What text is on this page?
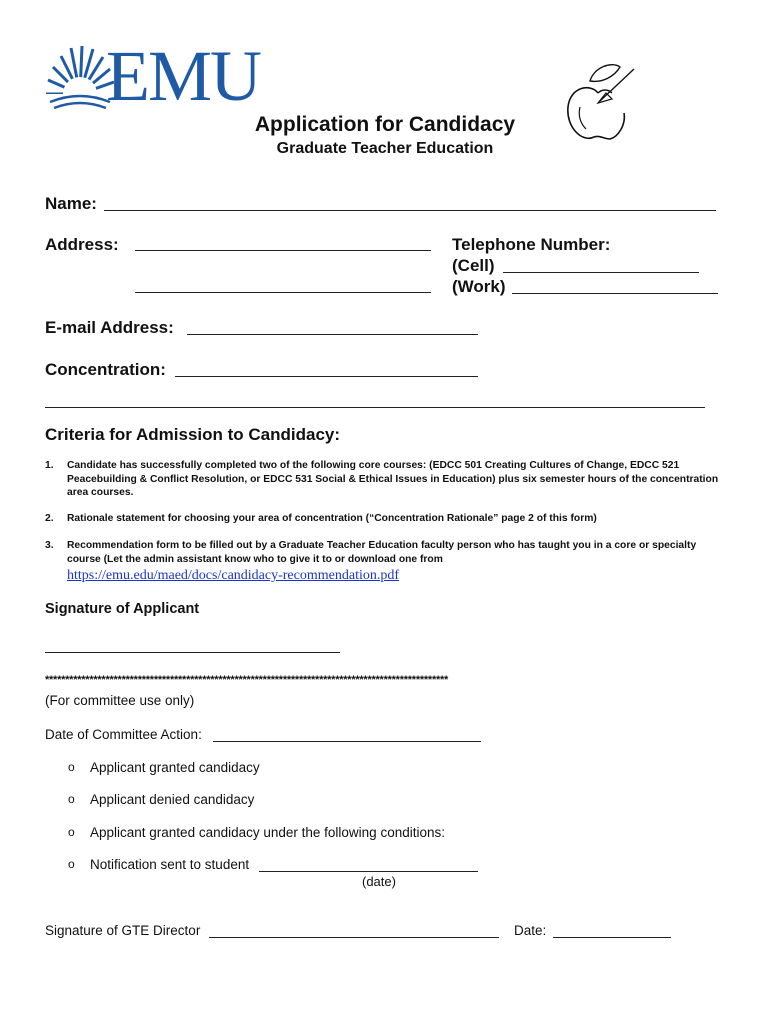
EMU
Application for Candidacy
Graduate Teacher Education
Name:
Address:	Telephone Number:
(Cell)
(Work)
E-mail Address:
Concentration:
Criteria for Admission to Candidacy:
1. Candidate has successfully completed two of the following core courses: (EDCC 501 Creating Cultures of Change, EDCC 521 Peacebuilding & Conflict Resolution, or EDCC 531 Social & Ethical Issues in Education) plus six semester hours of the concentration area courses.
2. Rationale statement for choosing your area of concentration (“Concentration Rationale” page 2 of this form)
3. Recommendation form to be filled out by a Graduate Teacher Education faculty person who has taught you in a core or specialty course (Let the admin assistant know who to give it to or download one from
https://emu.edu/maed/docs/candidacy-recommendation.pdf
Signature of Applicant
****************************************************************************************************
(For committee use only)
Date of Committee Action:
o Applicant granted candidacy
o Applicant denied candidacy
o Applicant granted candidacy under the following conditions:
o Notification sent to student
(date)
Signature of GTE Director	Date:
